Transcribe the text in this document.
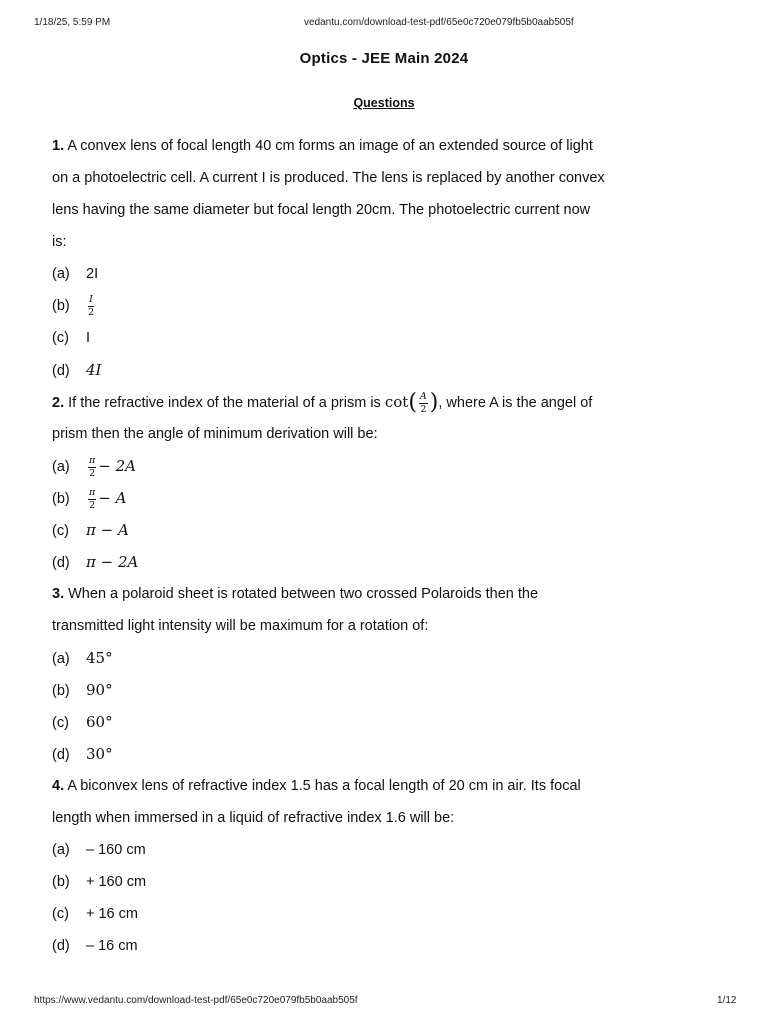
1/18/25, 5:59 PM	vedantu.com/download-test-pdf/65e0c720e079fb5b0aab505f
Optics - JEE Main 2024
Questions
1. A convex lens of focal length 40 cm forms an image of an extended source of light
on a photoelectric cell. A current I is produced. The lens is replaced by another convex
lens having the same diameter but focal length 20cm. The photoelectric current now
is:
(a) 2I
$(b) \frac{I}{2}$
(c) I
(d) 4I
2. If the refractive index of the material of a prism is $\cot( \frac{A}{2}$ ), where A is the angel of
prism then the angle of minimum derivation will be:
$(a) \frac{\pi}{2} - 2A$
$(b) \frac{\pi}{2} - A$
(c) π − A
(d) π − 2A
3. When a polaroid sheet is rotated between two crossed Polaroids then the
transmitted light intensity will be maximum for a rotation of:
(a) 45°
(b) 90°
(c) 60°
(d) 30°
4. A biconvex lens of refractive index 1.5 has a focal length of 20 cm in air. Its focal
length when immersed in a liquid of refractive index 1.6 will be:
(a) – 160 cm
(b) + 160 cm
(c) + 16 cm
(d) – 16 cm
https://www.vedantu.com/download-test-pdf/65e0c720e079fb5b0aab505f	1/12
